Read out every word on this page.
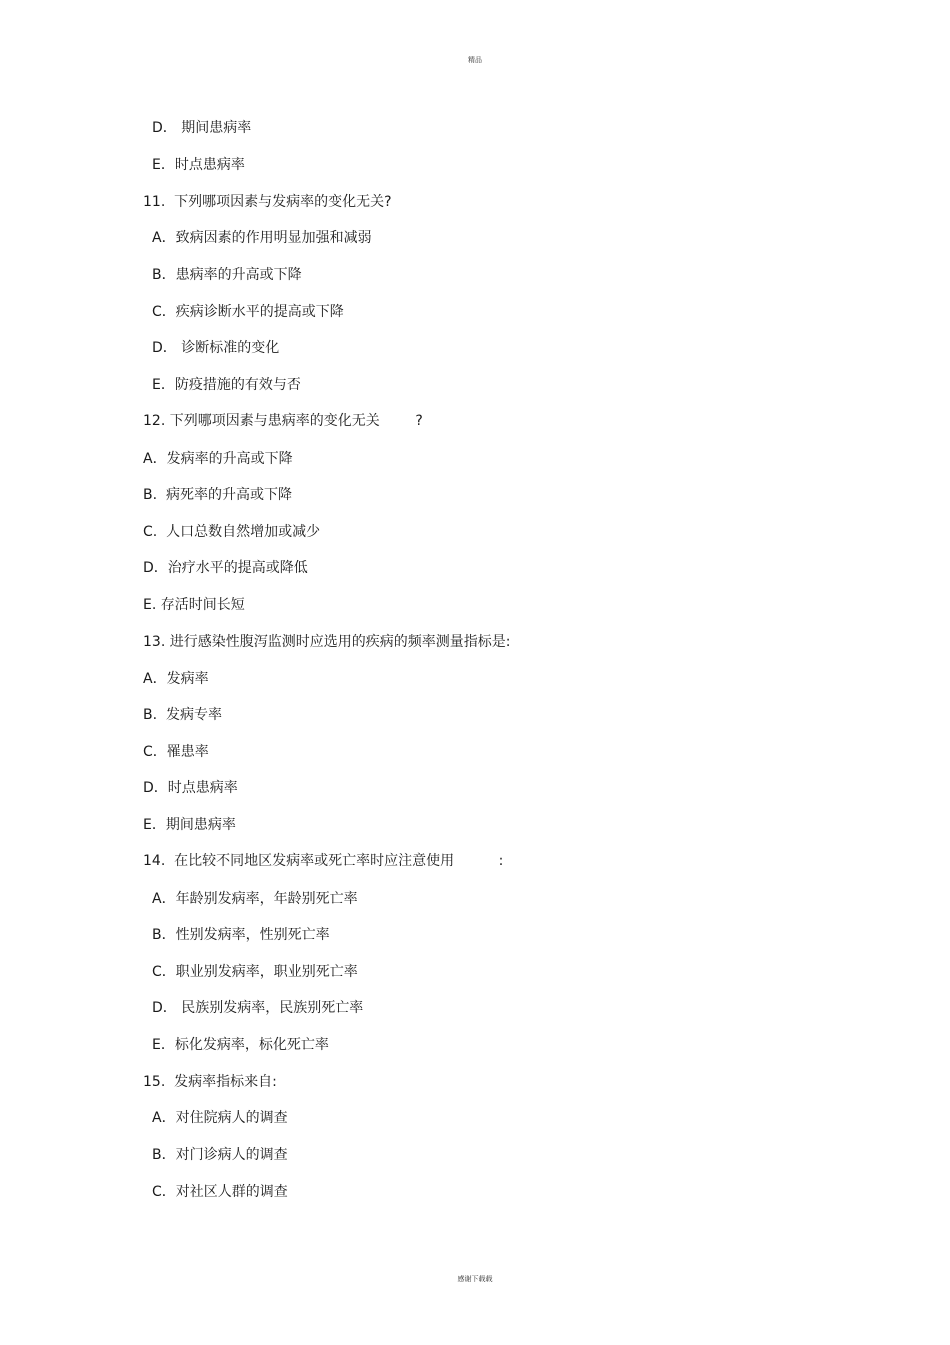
精品
D． 期间患病率
E．时点患病率
11.  下列哪项因素与发病率的变化无关?
A．致病因素的作用明显加强和减弱
B．患病率的升高或下降
C．疾病诊断水平的提高或下降
D． 诊断标准的变化
E．防疫措施的有效与否
12. 下列哪项因素与患病率的变化无关        ?
A．发病率的升高或下降
B.  病死率的升高或下降
C.  人口总数自然增加或减少
D．治疗水平的提高或降低
E. 存活时间长短
13. 进行感染性腹泻监测时应选用的疾病的频率测量指标是:
A．发病率
B.  发病专率
C．罹患率
D．时点患病率
E．期间患病率
14.  在比较不同地区发病率或死亡率时应注意使用          :
A．年龄别发病率，年龄别死亡率
B．性别发病率，性别死亡率
C．职业别发病率，职业别死亡率
D． 民族别发病率，民族别死亡率
E．标化发病率，标化死亡率
15.  发病率指标来自:
A．对住院病人的调查
B．对门诊病人的调查
C．对社区人群的调查
感谢下载载
